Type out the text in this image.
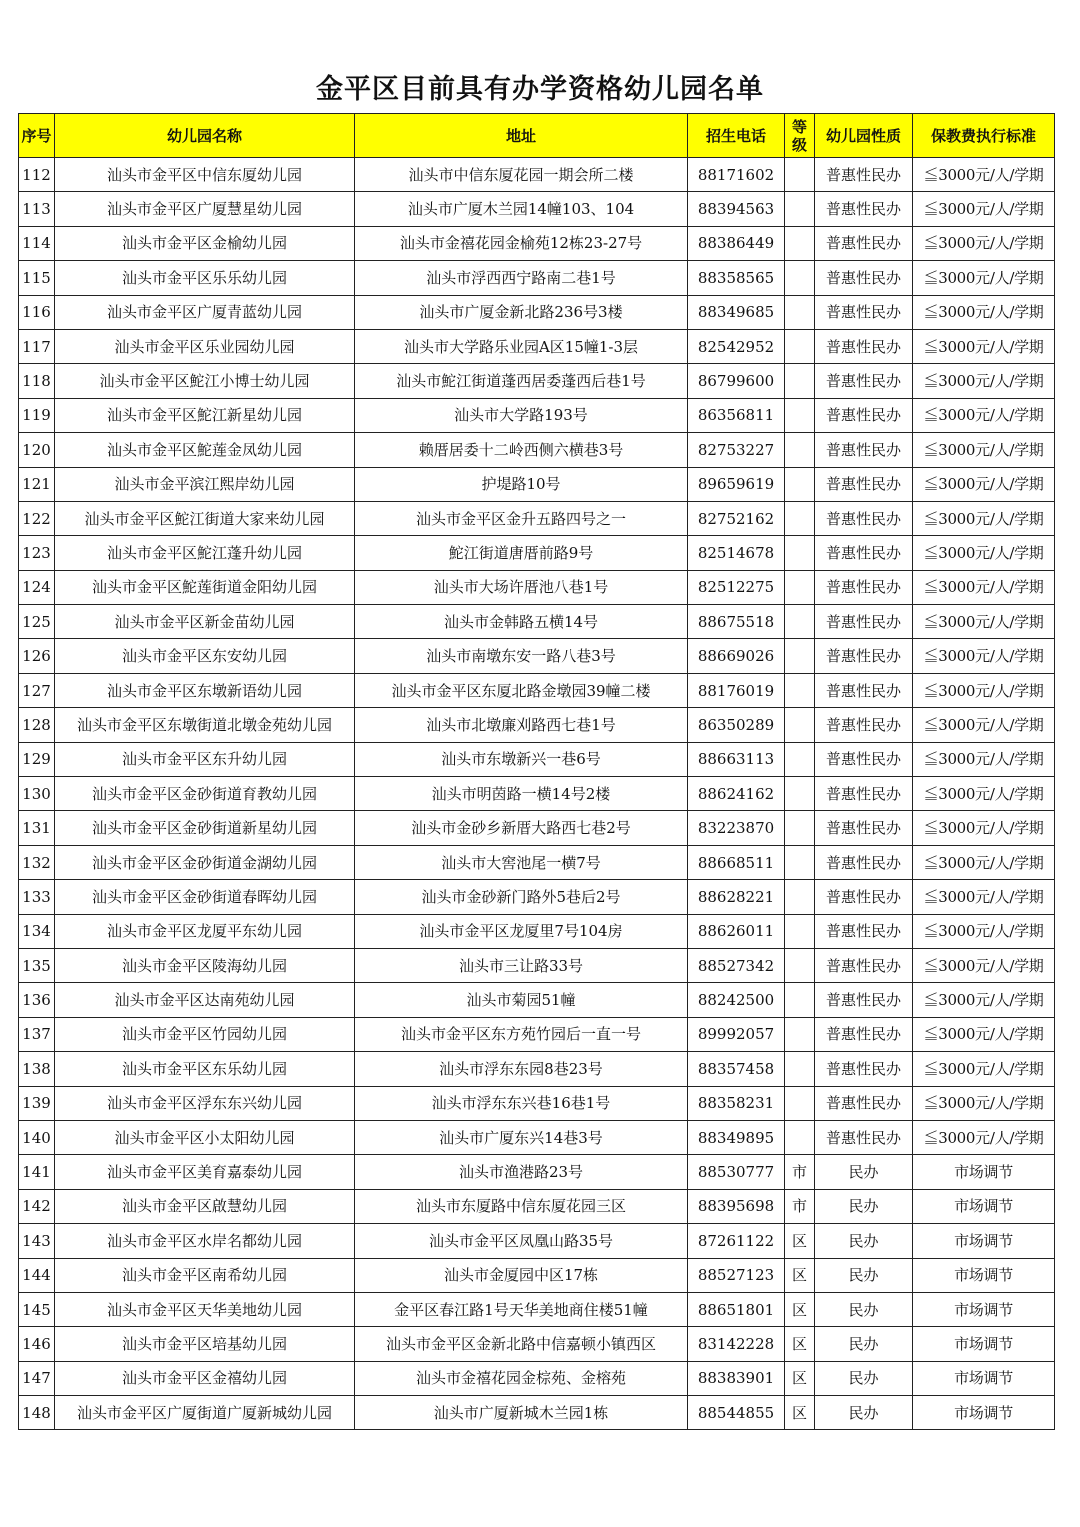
金平区目前具有办学资格幼儿园名单
序号	幼儿园名称	地址	招生电话	等级	幼儿园性质	保教费执行标准
112	汕头市金平区中信东厦幼儿园	汕头市中信东厦花园一期会所二楼	88171602		普惠性民办	≦3000元/人/学期
113	汕头市金平区广厦慧星幼儿园	汕头市广厦木兰园14幢103、104	88394563		普惠性民办	≦3000元/人/学期
114	汕头市金平区金榆幼儿园	汕头市金禧花园金榆苑12栋23-27号	88386449		普惠性民办	≦3000元/人/学期
115	汕头市金平区乐乐幼儿园	汕头市浮西西宁路南二巷1号	88358565		普惠性民办	≦3000元/人/学期
116	汕头市金平区广厦青蓝幼儿园	汕头市广厦金新北路236号3楼	88349685		普惠性民办	≦3000元/人/学期
117	汕头市金平区乐业园幼儿园	汕头市大学路乐业园A区15幢1-3层	82542952		普惠性民办	≦3000元/人/学期
118	汕头市金平区鮀江小博士幼儿园	汕头市鮀江街道蓬西居委蓬西后巷1号	86799600		普惠性民办	≦3000元/人/学期
119	汕头市金平区鮀江新星幼儿园	汕头市大学路193号	86356811		普惠性民办	≦3000元/人/学期
120	汕头市金平区鮀莲金凤幼儿园	赖厝居委十二岭西侧六横巷3号	82753227		普惠性民办	≦3000元/人/学期
121	汕头市金平滨江熙岸幼儿园	护堤路10号	89659619		普惠性民办	≦3000元/人/学期
122	汕头市金平区鮀江街道大家来幼儿园	汕头市金平区金升五路四号之一	82752162		普惠性民办	≦3000元/人/学期
123	汕头市金平区鮀江蓬升幼儿园	鮀江街道唐厝前路9号	82514678		普惠性民办	≦3000元/人/学期
124	汕头市金平区鮀莲街道金阳幼儿园	汕头市大场许厝池八巷1号	82512275		普惠性民办	≦3000元/人/学期
125	汕头市金平区新金苗幼儿园	汕头市金韩路五横14号	88675518		普惠性民办	≦3000元/人/学期
126	汕头市金平区东安幼儿园	汕头市南墩东安一路八巷3号	88669026		普惠性民办	≦3000元/人/学期
127	汕头市金平区东墩新语幼儿园	汕头市金平区东厦北路金墩园39幢二楼	88176019		普惠性民办	≦3000元/人/学期
128	汕头市金平区东墩街道北墩金苑幼儿园	汕头市北墩廉刈路西七巷1号	86350289		普惠性民办	≦3000元/人/学期
129	汕头市金平区东升幼儿园	汕头市东墩新兴一巷6号	88663113		普惠性民办	≦3000元/人/学期
130	汕头市金平区金砂街道育教幼儿园	汕头市明茵路一横14号2楼	88624162		普惠性民办	≦3000元/人/学期
131	汕头市金平区金砂街道新星幼儿园	汕头市金砂乡新厝大路西七巷2号	83223870		普惠性民办	≦3000元/人/学期
132	汕头市金平区金砂街道金湖幼儿园	汕头市大窖池尾一横7号	88668511		普惠性民办	≦3000元/人/学期
133	汕头市金平区金砂街道春晖幼儿园	汕头市金砂新门路外5巷后2号	88628221		普惠性民办	≦3000元/人/学期
134	汕头市金平区龙厦平东幼儿园	汕头市金平区龙厦里7号104房	88626011		普惠性民办	≦3000元/人/学期
135	汕头市金平区陵海幼儿园	汕头市三让路33号	88527342		普惠性民办	≦3000元/人/学期
136	汕头市金平区达南苑幼儿园	汕头市菊园51幢	88242500		普惠性民办	≦3000元/人/学期
137	汕头市金平区竹园幼儿园	汕头市金平区东方苑竹园后一直一号	89992057		普惠性民办	≦3000元/人/学期
138	汕头市金平区东乐幼儿园	汕头市浮东东园8巷23号	88357458		普惠性民办	≦3000元/人/学期
139	汕头市金平区浮东东兴幼儿园	汕头市浮东东兴巷16巷1号	88358231		普惠性民办	≦3000元/人/学期
140	汕头市金平区小太阳幼儿园	汕头市广厦东兴14巷3号	88349895		普惠性民办	≦3000元/人/学期
141	汕头市金平区美育嘉泰幼儿园	汕头市渔港路23号	88530777	市	民办	市场调节
142	汕头市金平区啟慧幼儿园	汕头市东厦路中信东厦花园三区	88395698	市	民办	市场调节
143	汕头市金平区水岸名都幼儿园	汕头市金平区凤凰山路35号	87261122	区	民办	市场调节
144	汕头市金平区南希幼儿园	汕头市金厦园中区17栋	88527123	区	民办	市场调节
145	汕头市金平区天华美地幼儿园	金平区春江路1号天华美地商住楼51幢	88651801	区	民办	市场调节
146	汕头市金平区培基幼儿园	汕头市金平区金新北路中信嘉顿小镇西区	83142228	区	民办	市场调节
147	汕头市金平区金禧幼儿园	汕头市金禧花园金棕苑、金榕苑	88383901	区	民办	市场调节
148	汕头市金平区广厦街道广厦新城幼儿园	汕头市广厦新城木兰园1栋	88544855	区	民办	市场调节
